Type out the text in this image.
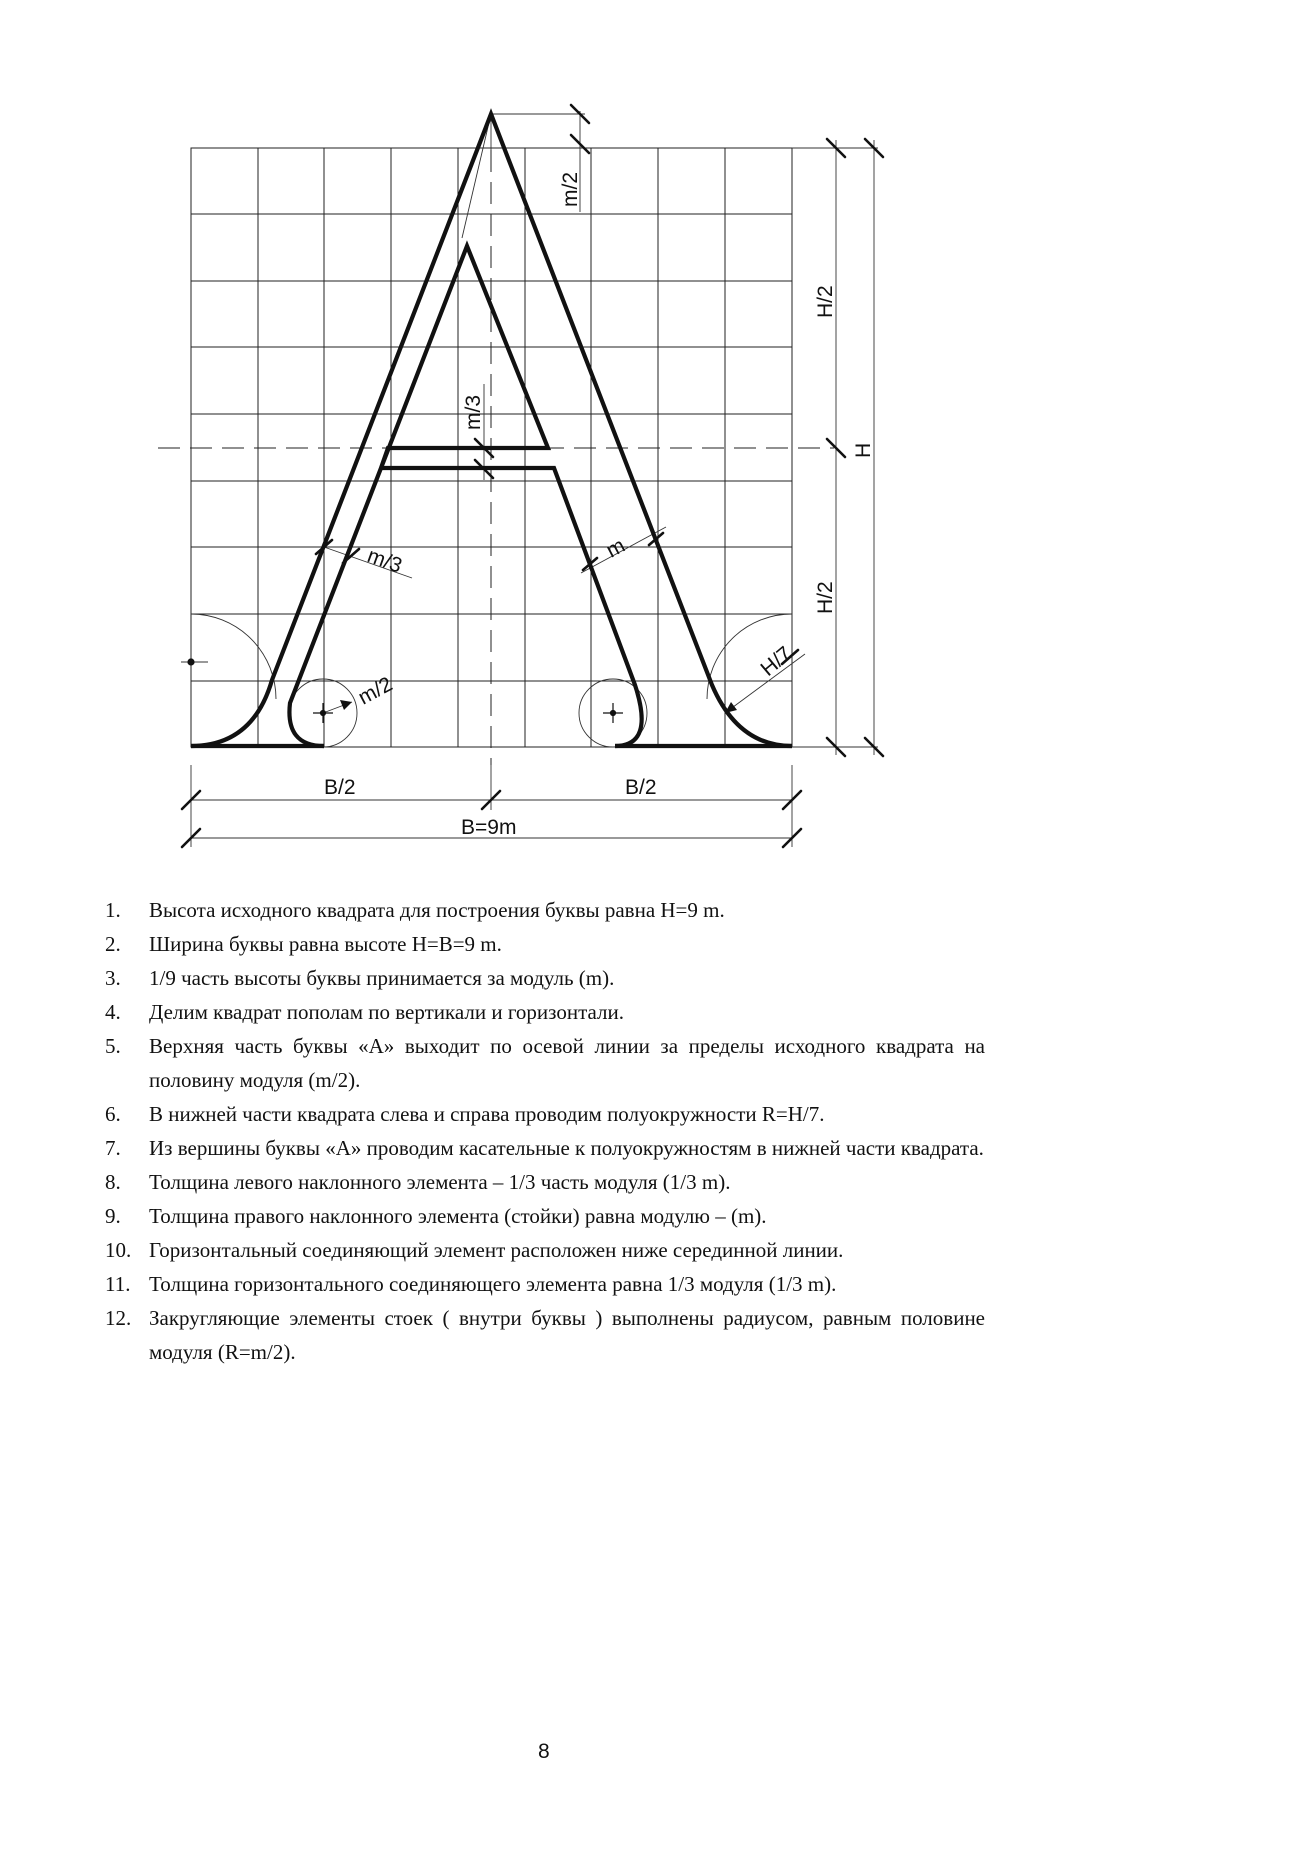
m/2
H/2
H/2
H
m/3
m/3	m
H/7
m/2
B/2	B/2
B=9m
1. Высота исходного квадрата для построения буквы равна Н=9 m.
2. Ширина буквы равна высоте Н=В=9 m.
3. 1/9 часть высоты буквы принимается за модуль (m).
4. Делим квадрат пополам по вертикали и горизонтали.
5. Верхняя часть буквы «А» выходит по осевой линии за пределы исходного квадрата на половину модуля (m/2).
6. В нижней части квадрата слева и справа проводим полуокружности R=H/7.
7. Из вершины буквы «А» проводим касательные к полуокружностям в нижней части квадрата.
8. Толщина левого наклонного элемента – 1/3 часть модуля (1/3 m).
9. Толщина правого наклонного элемента (стойки) равна модулю – (m).
10. Горизонтальный соединяющий элемент расположен ниже серединной линии.
11. Толщина горизонтального соединяющего элемента равна 1/3 модуля (1/3 m).
12. Закругляющие элементы стоек ( внутри буквы ) выполнены радиусом, равным половине модуля (R=m/2).
8
